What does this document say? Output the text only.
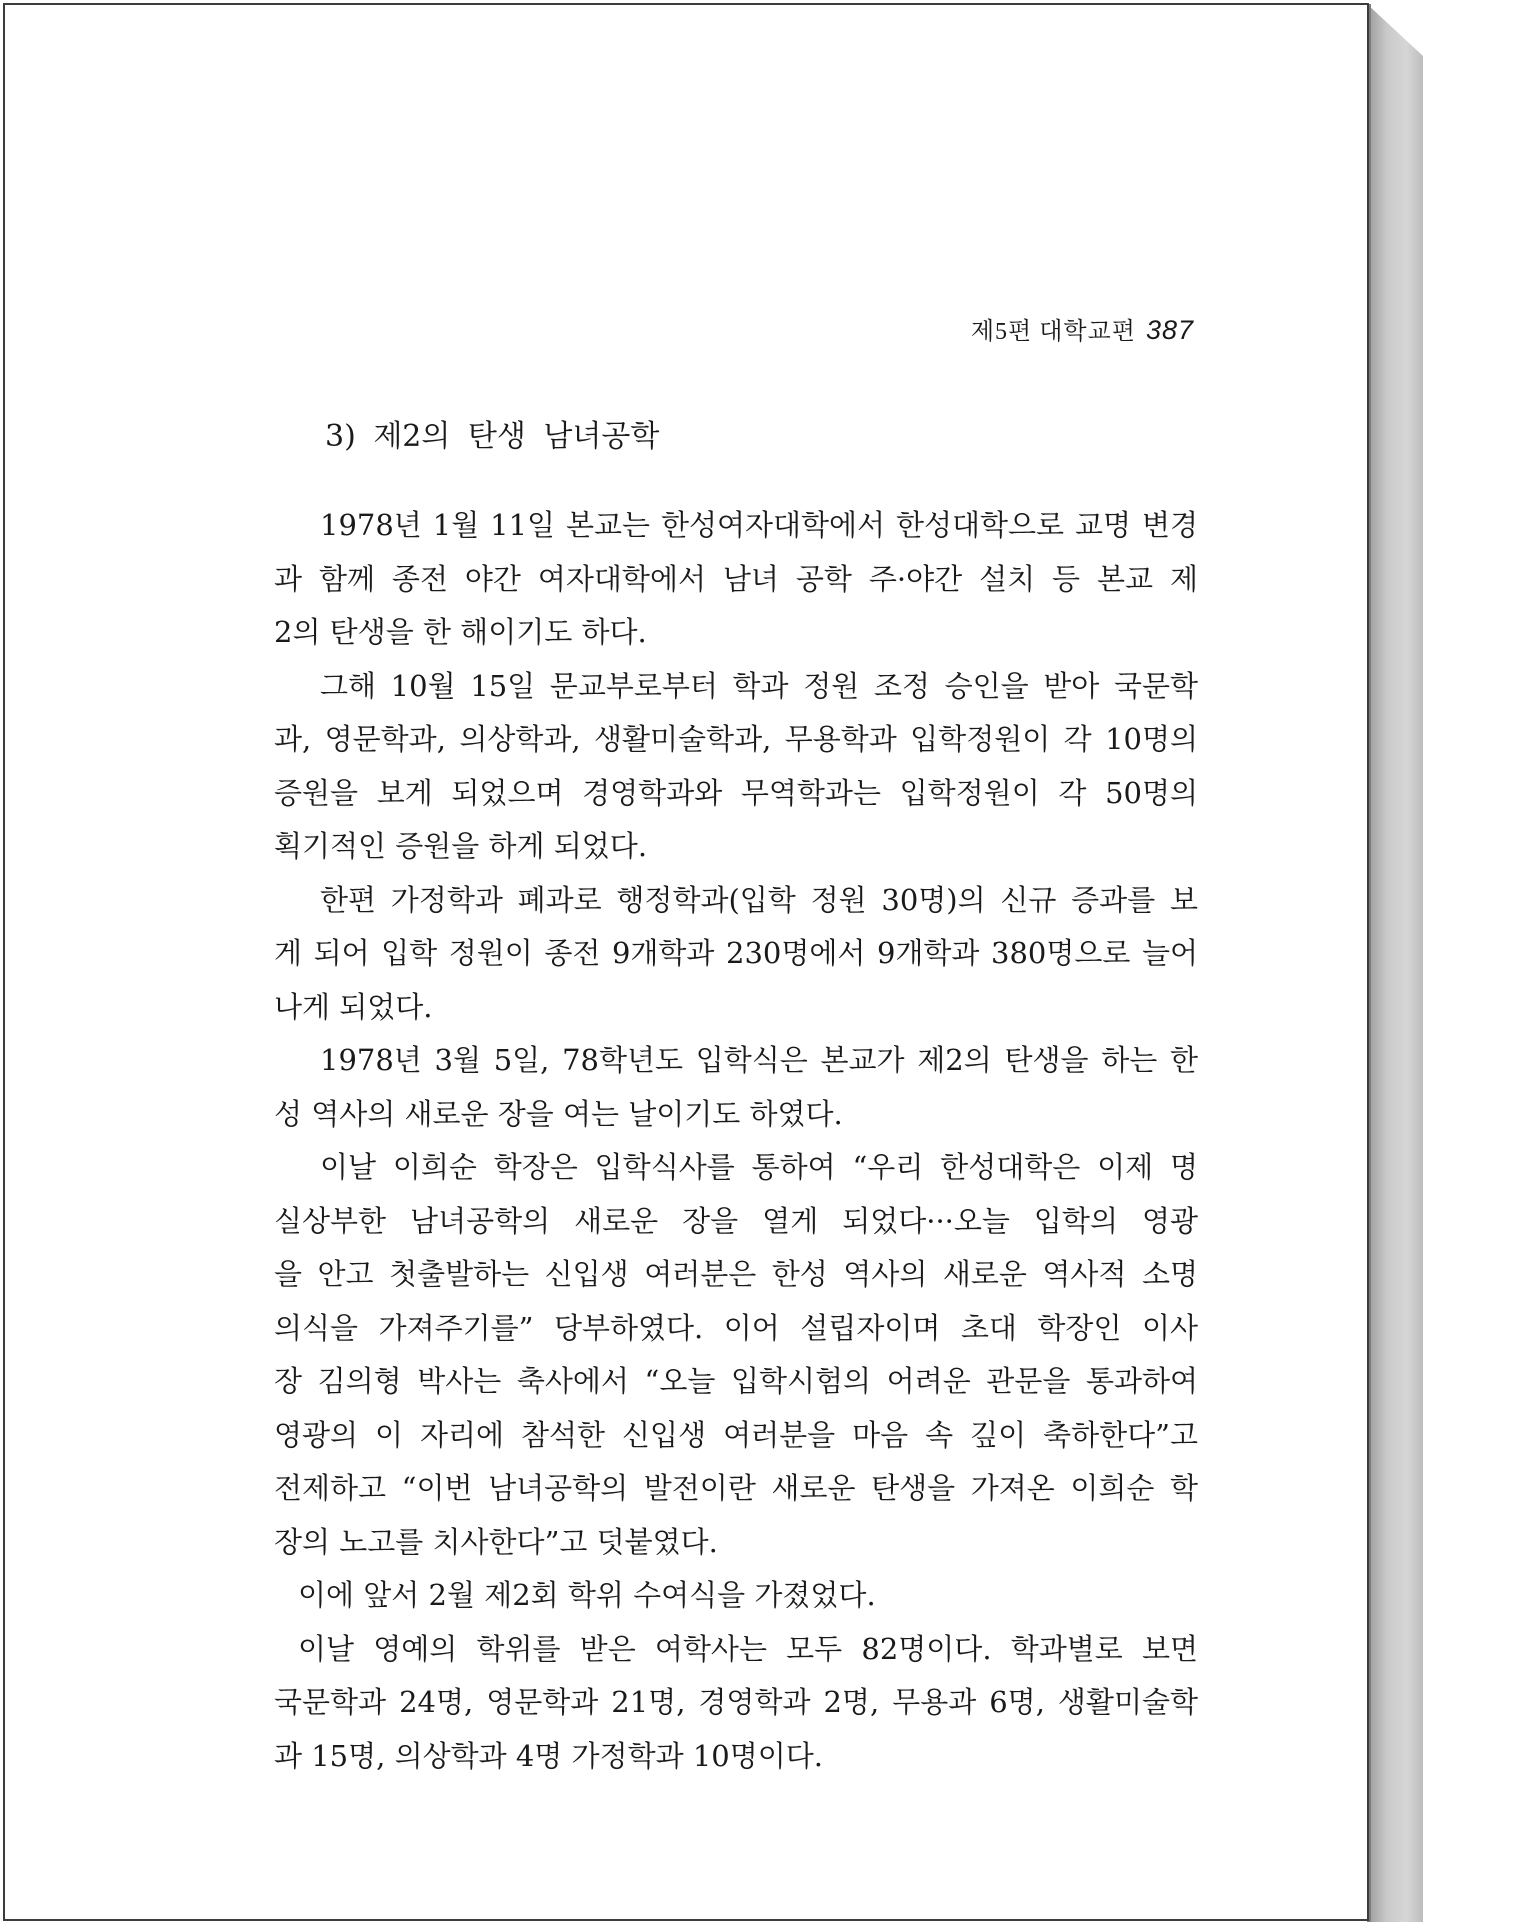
제5편 대학교편 387
3) 제2의 탄생 남녀공학
1978년 1월 11일 본교는 한성여자대학에서 한성대학으로 교명 변경
과 함께 종전 야간 여자대학에서 남녀 공학 주·야간 설치 등 본교 제
2의 탄생을 한 해이기도 하다.
그해 10월 15일 문교부로부터 학과 정원 조정 승인을 받아 국문학
과, 영문학과, 의상학과, 생활미술학과, 무용학과 입학정원이 각 10명의
증원을 보게 되었으며 경영학과와 무역학과는 입학정원이 각 50명의
획기적인 증원을 하게 되었다.
한편 가정학과 폐과로 행정학과(입학 정원 30명)의 신규 증과를 보
게 되어 입학 정원이 종전 9개학과 230명에서 9개학과 380명으로 늘어
나게 되었다.
1978년 3월 5일, 78학년도 입학식은 본교가 제2의 탄생을 하는 한
성 역사의 새로운 장을 여는 날이기도 하였다.
이날 이희순 학장은 입학식사를 통하여 “우리 한성대학은 이제 명
실상부한 남녀공학의 새로운 장을 열게 되었다···오늘 입학의 영광
을 안고 첫출발하는 신입생 여러분은 한성 역사의 새로운 역사적 소명
의식을 가져주기를” 당부하였다. 이어 설립자이며 초대 학장인 이사
장 김의형 박사는 축사에서 “오늘 입학시험의 어려운 관문을 통과하여
영광의 이 자리에 참석한 신입생 여러분을 마음 속 깊이 축하한다”고
전제하고 “이번 남녀공학의 발전이란 새로운 탄생을 가져온 이희순 학
장의 노고를 치사한다”고 덧붙였다.
이에 앞서 2월 제2회 학위 수여식을 가졌었다.
이날 영예의 학위를 받은 여학사는 모두 82명이다. 학과별로 보면
국문학과 24명, 영문학과 21명, 경영학과 2명, 무용과 6명, 생활미술학
과 15명, 의상학과 4명 가정학과 10명이다.
